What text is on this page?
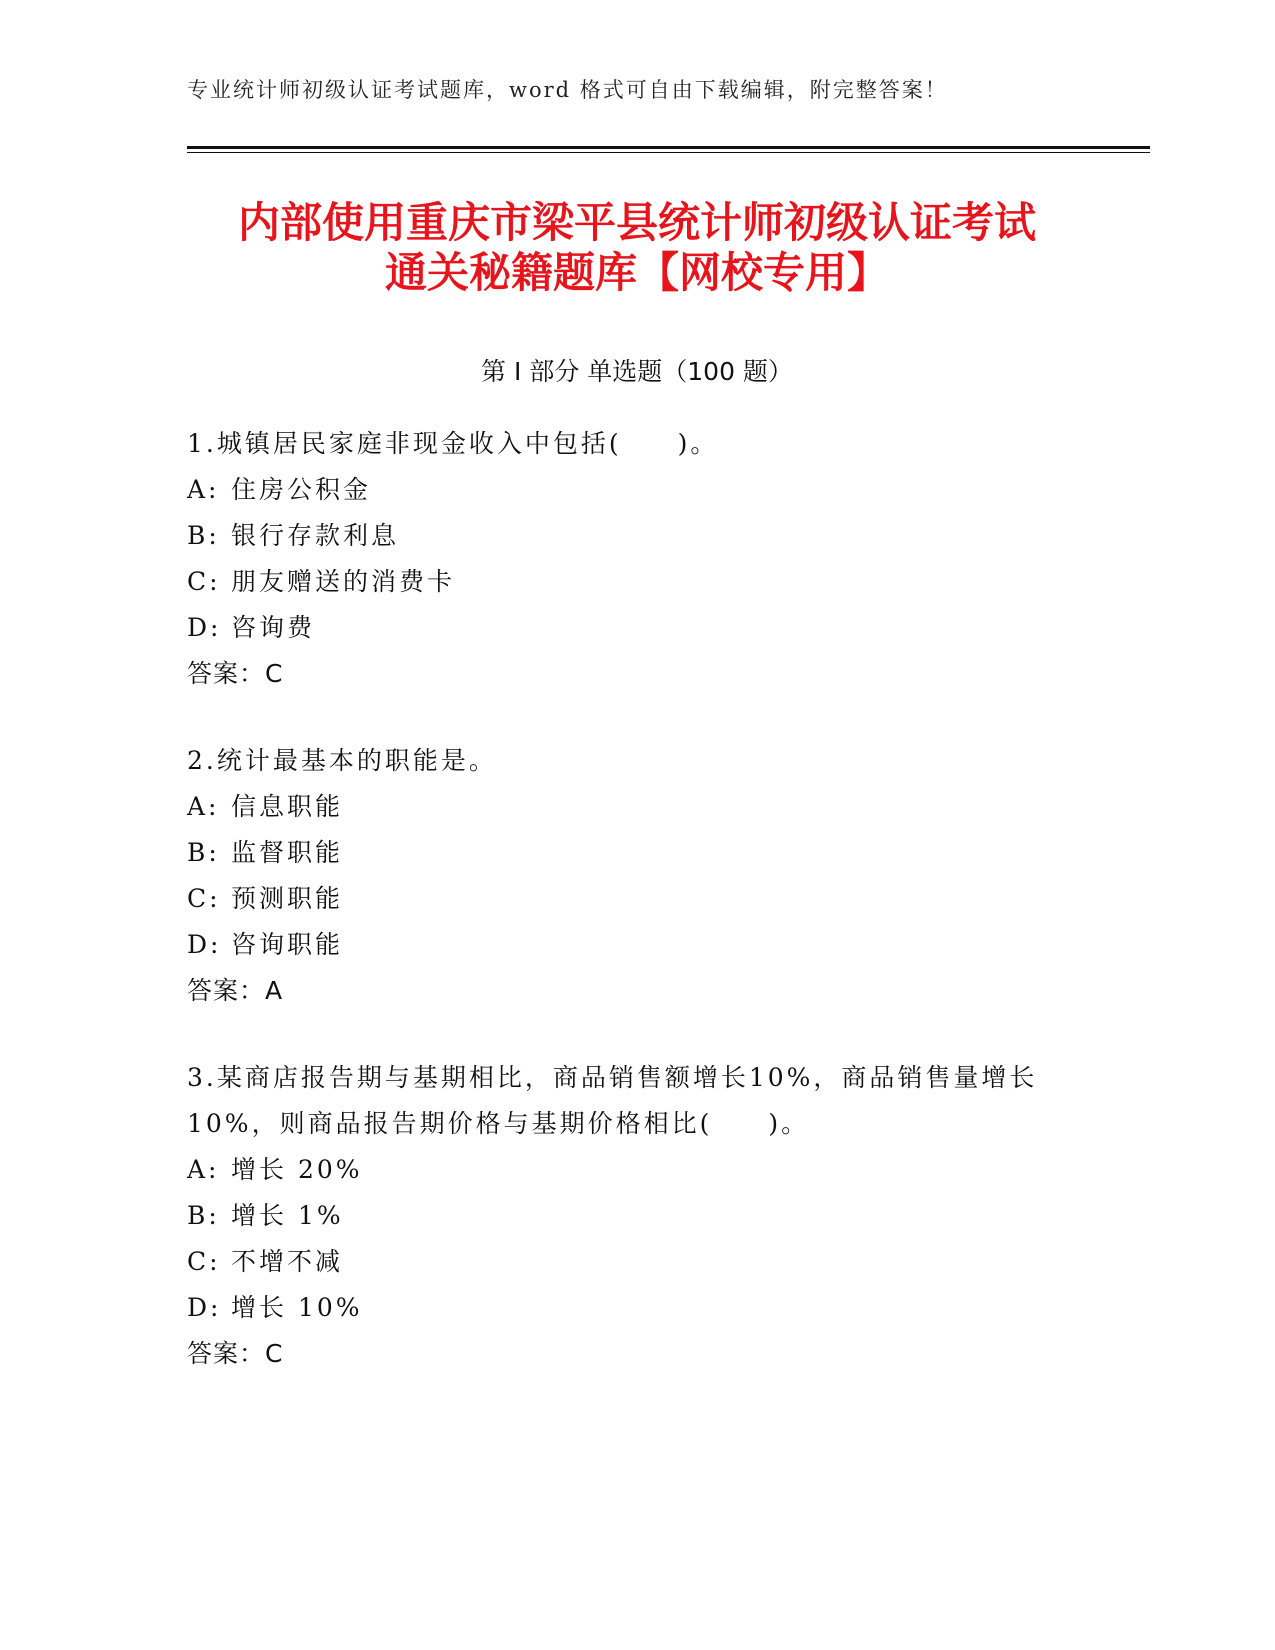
专业统计师初级认证考试题库，word 格式可自由下载编辑，附完整答案！
内部使用重庆市梁平县统计师初级认证考试
通关秘籍题库【网校专用】
第 I 部分 单选题（100 题）
1.城镇居民家庭非现金收入中包括(　　)。
A: 住房公积金
B: 银行存款利息
C: 朋友赠送的消费卡
D: 咨询费
答案：C
2.统计最基本的职能是。
A: 信息职能
B: 监督职能
C: 预测职能
D: 咨询职能
答案：A
3.某商店报告期与基期相比，商品销售额增长10%，商品销售量增长10%，则商品报告期价格与基期价格相比(　　)。
A: 增长 20%
B: 增长 1%
C: 不增不减
D: 增长 10%
答案：C
